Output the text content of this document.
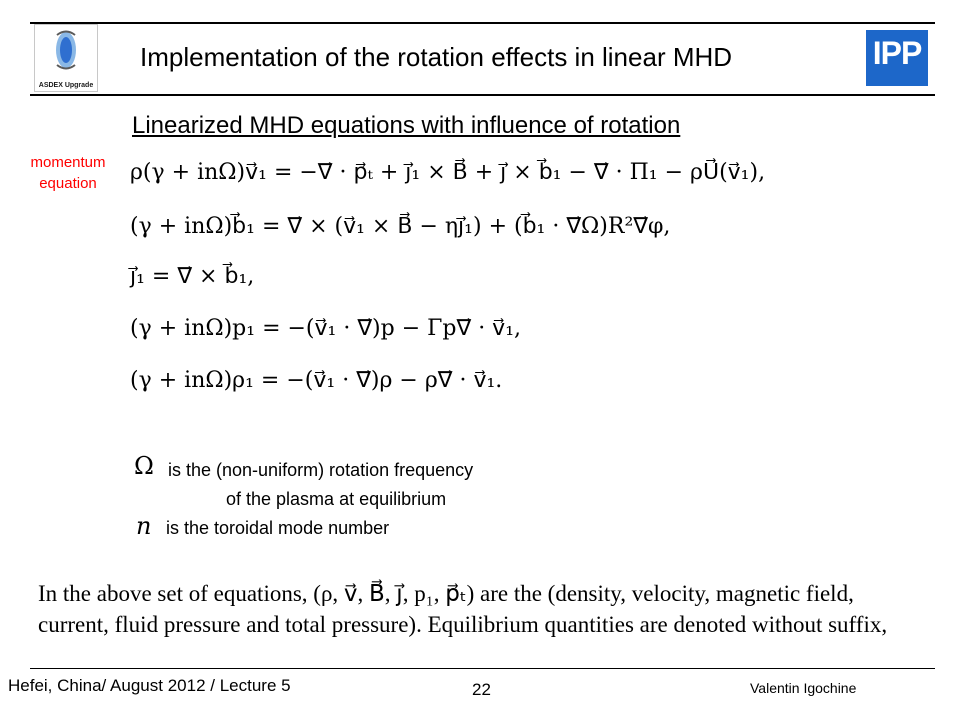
ASDEX Upgrade
Implementation of the rotation effects in linear MHD	IPP
Linearized MHD equations with influence of rotation
momentum
equation	ρ(γ + inΩ)v⃗₁ = −∇⃗ · p⃗ₜ + j⃗₁ × B⃗ + j⃗ × b⃗₁ − ∇⃗ · Π₁ − ρU⃗(v⃗₁),
(γ + inΩ)b⃗₁ = ∇⃗ × (v⃗₁ × B⃗ − ηj⃗₁) + (b⃗₁ · ∇⃗Ω)R²∇⃗φ,
j⃗₁ = ∇⃗ × b⃗₁,
(γ + inΩ)p₁ = −(v⃗₁ · ∇⃗)p − Γp∇⃗ · v⃗₁,
(γ + inΩ)ρ₁ = −(v⃗₁ · ∇⃗)ρ − ρ∇⃗ · v⃗₁.
Ω is the (non-uniform) rotation frequency
of the plasma at equilibrium
n is the toroidal mode number
In the above set of equations, (ρ, v⃗, B⃗, j⃗, p₁, p⃗ₜ) are the (density, velocity, magnetic field,
current, fluid pressure and total pressure). Equilibrium quantities are denoted without suffix,
Hefei, China/ August 2012 / Lecture 5	22	Valentin Igochine
